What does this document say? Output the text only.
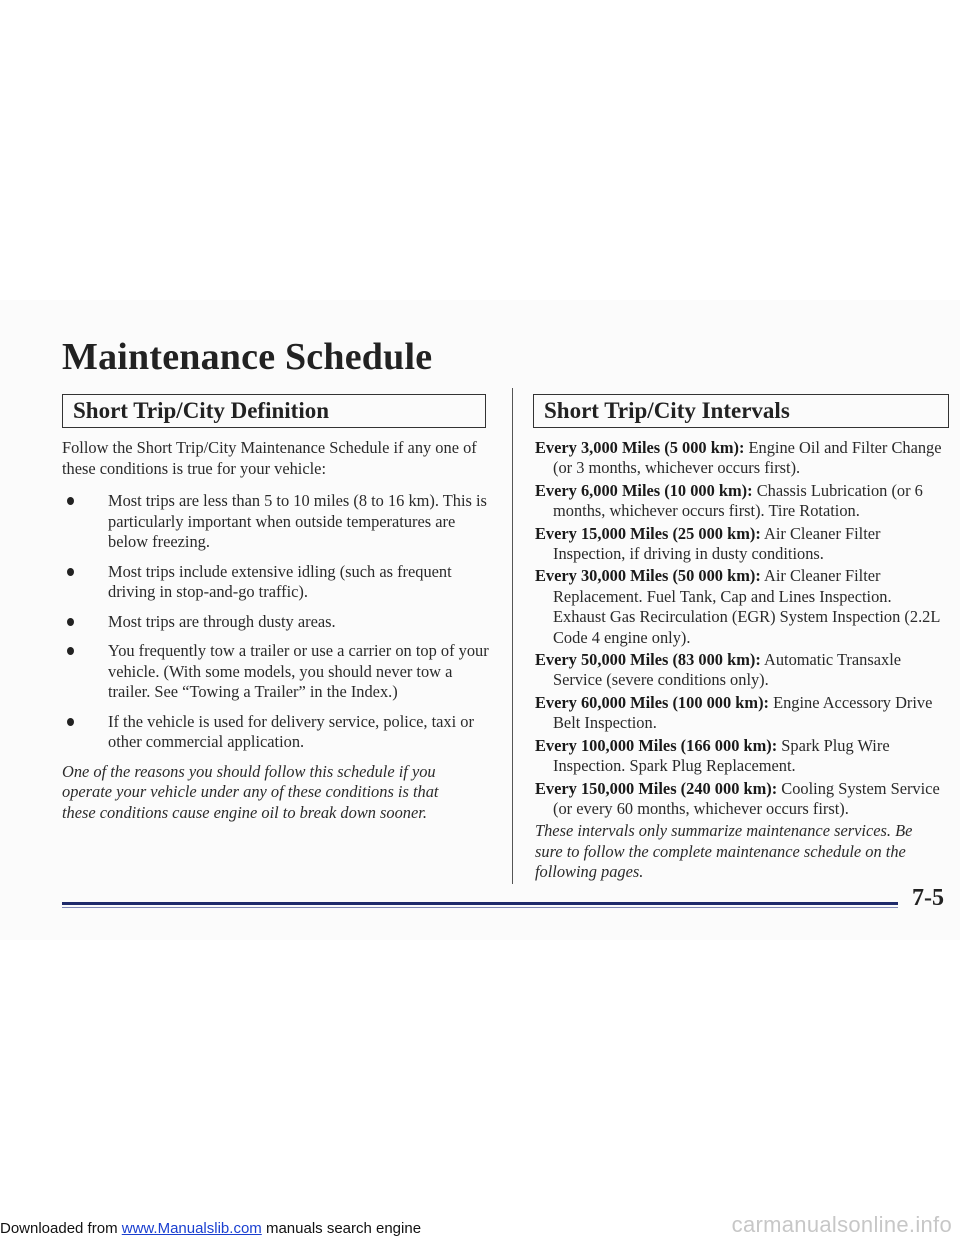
Maintenance Schedule
Short Trip/City Definition	Short Trip/City Intervals

Follow the Short Trip/City Maintenance Schedule if any one of these conditions is true for your vehicle:

Most trips are less than 5 to 10 miles (8 to 16 km). This is particularly important when outside temperatures are below freezing.
Most trips include extensive idling (such as frequent driving in stop-and-go traffic).
Most trips are through dusty areas.
You frequently tow a trailer or use a carrier on top of your vehicle. (With some models, you should never tow a trailer. See “Towing a Trailer” in the Index.)
If the vehicle is used for delivery service, police, taxi or other commercial application.

One of the reasons you should follow this schedule if you operate your vehicle under any of these conditions is that these conditions cause engine oil to break down sooner.

Every 3,000 Miles (5 000 km): Engine Oil and Filter Change (or 3 months, whichever occurs first).

Every 6,000 Miles (10 000 km): Chassis Lubrication (or 6 months, whichever occurs first). Tire Rotation.

Every 15,000 Miles (25 000 km): Air Cleaner Filter Inspection, if driving in dusty conditions.

Every 30,000 Miles (50 000 km): Air Cleaner Filter Replacement. Fuel Tank, Cap and Lines Inspection. Exhaust Gas Recirculation (EGR) System Inspection (2.2L Code 4 engine only).

Every 50,000 Miles (83 000 km): Automatic Transaxle Service (severe conditions only).

Every 60,000 Miles (100 000 km): Engine Accessory Drive Belt Inspection.

Every 100,000 Miles (166 000 km): Spark Plug Wire Inspection. Spark Plug Replacement.

Every 150,000 Miles (240 000 km): Cooling System Service (or every 60 months, whichever occurs first).

These intervals only summarize maintenance services. Be sure to follow the complete maintenance schedule on the following pages.

7-5
Downloaded from www.Manualslib.com manuals search engine	carmanualsonline.info
